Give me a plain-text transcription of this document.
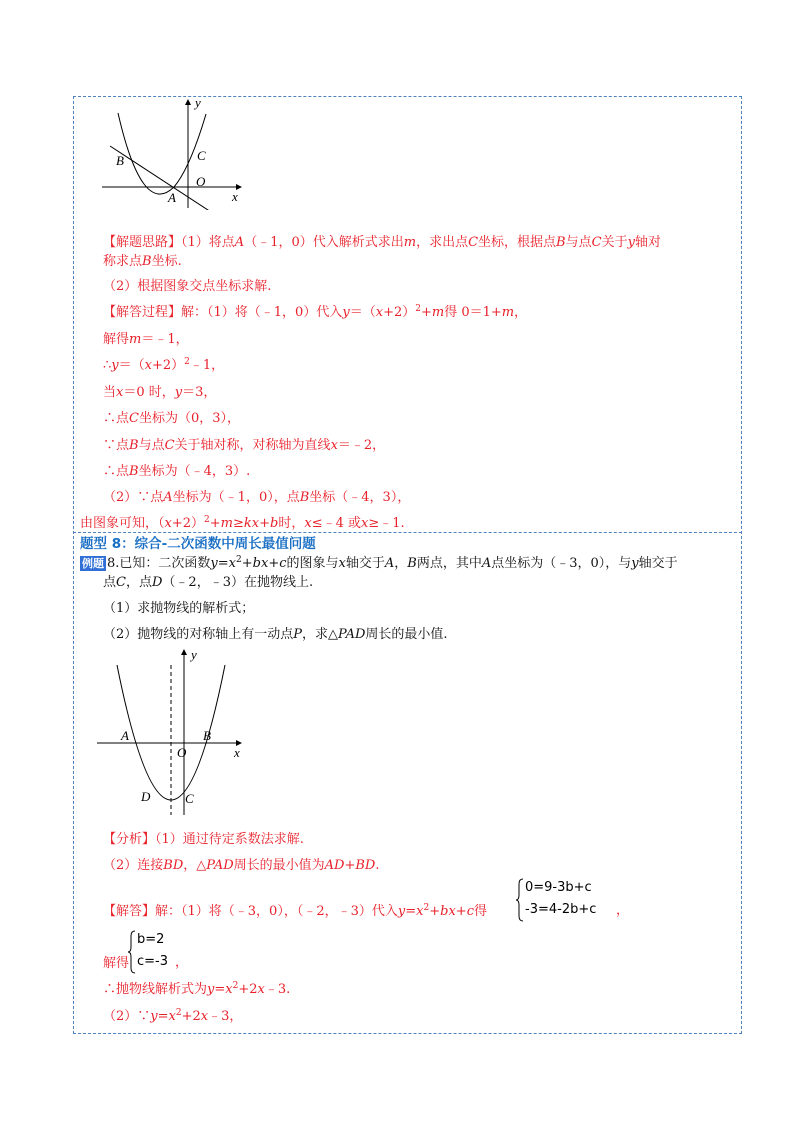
y
x
B	C
O
A
【解题思路】（1）将点A（﹣1，0）代入解析式求出m，求出点C坐标，根据点B与点C关于y轴对
称求点B坐标.
（2）根据图象交点坐标求解.
【解答过程】解：（1）将（﹣1，0）代入$y=(x+2)^2+m$得 0＝1+m，
解得m＝﹣1，
$\therefore y=(x+2)^2﹣1$，
当x＝0 时，y＝3，
∴点C坐标为（0，3），
∵点B与点C关于轴对称，对称轴为直线x＝﹣2，
∴点B坐标为（﹣4，3）.
（2）∵点A坐标为（﹣1，0），点B坐标（﹣4，3），
由图象可知，$(x+2)^2+m\ge kx+b$时，x≤﹣4 或x≥﹣1.
题型 8：综合-二次函数中周长最值问题
例题 8.已知：二次函数$y=x^2+bx+c$的图象与x轴交于A，B两点，其中A点坐标为（﹣3，0），与y轴交于
点C，点D（﹣2，﹣3）在抛物线上.
（1）求抛物线的解析式；
（2）抛物线的对称轴上有一动点P，求△PAD周长的最小值.
y
x
A
O
B
D	C
【分析】（1）通过待定系数法求解.
（2）连接BD，△PAD周长的最小值为AD+BD.
【解答】解：（1）将（﹣3，0），（﹣2，﹣3）代入$y=x^2+bx+c$得
0=9-3b+c
-3=4-2b+c ，
解得
b=2
c=-3 ，
∴抛物线解析式为$y=x^2+2x﹣3$.
$(2)\because y=x^2+2x﹣3$，
